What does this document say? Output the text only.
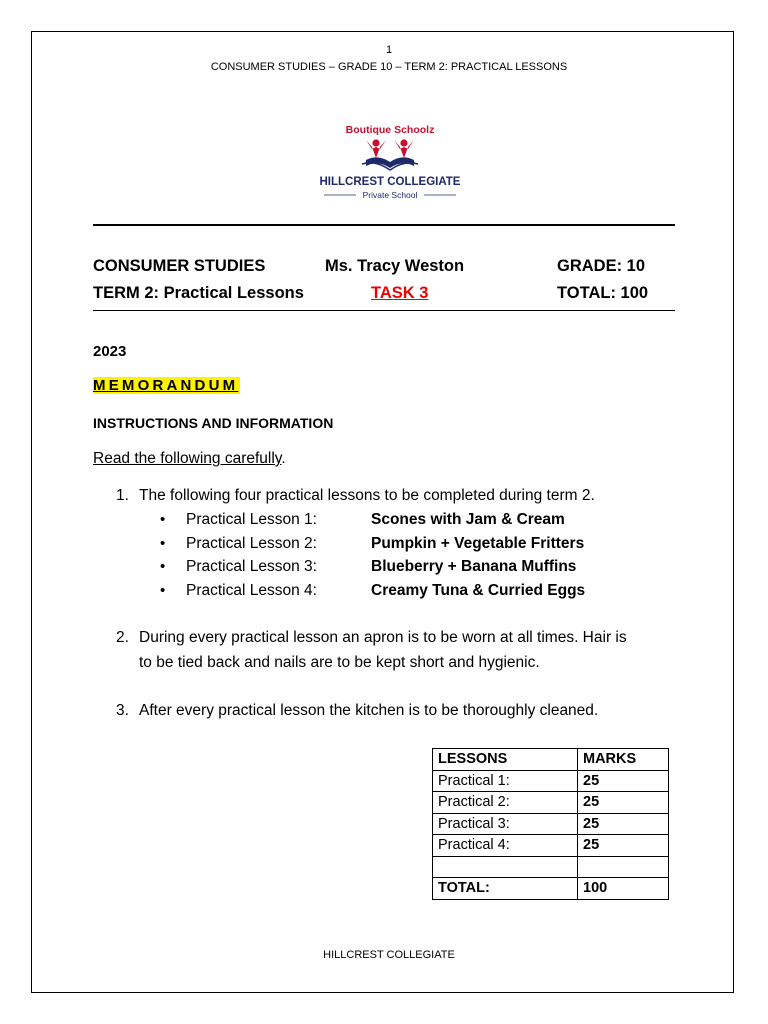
1
CONSUMER STUDIES – GRADE 10 – TERM 2: PRACTICAL LESSONS
Boutique Schoolz
HILLCREST COLLEGIATE
Private School
CONSUMER STUDIES	Ms. Tracy Weston	GRADE: 10
TERM 2: Practical Lessons	TASK 3	TOTAL: 100
2023
MEMORANDUM
INSTRUCTIONS AND INFORMATION
Read the following carefully.
1. The following four practical lessons to be completed during term 2.
• Practical Lesson 1:	Scones with Jam & Cream
• Practical Lesson 2:	Pumpkin + Vegetable Fritters
• Practical Lesson 3:	Blueberry + Banana Muffins
• Practical Lesson 4:	Creamy Tuna & Curried Eggs
2. During every practical lesson an apron is to be worn at all times. Hair is
to be tied back and nails are to be kept short and hygienic.
3. After every practical lesson the kitchen is to be thoroughly cleaned.
LESSONS	MARKS
Practical 1:	25
Practical 2:	25
Practical 3:	25
Practical 4:	25

TOTAL:	100
HILLCREST COLLEGIATE
